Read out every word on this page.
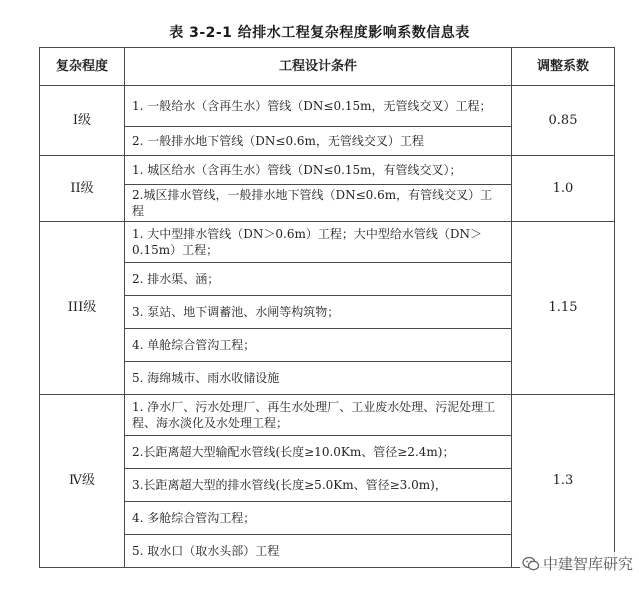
表 3-2-1 给排水工程复杂程度影响系数信息表
复杂程度	工程设计条件	调整系数
I级	1. 一般给水（含再生水）管线（DN≤0.15m，无管线交叉）工程；	0.85
	2. 一般排水地下管线（DN≤0.6m，无管线交叉）工程	
II级	1. 城区给水（含再生水）管线（DN≤0.15m，有管线交叉）；	1.0
	2.城区排水管线，一般排水地下管线（DN≤0.6m，有管线交叉）工程	
III级	1. 大中型排水管线（DN＞0.6m）工程；大中型给水管线（DN＞0.15m）工程；	1.15
	2. 排水渠、涵；	
	3. 泵站、地下调蓄池、水闸等构筑物；	
	4. 单舱综合管沟工程；	
	5. 海绵城市、雨水收储设施	
Ⅳ级	1. 净水厂、污水处理厂、再生水处理厂、工业废水处理、污泥处理工程、海水淡化及水处理工程；	1.3
	2.长距离超大型输配水管线(长度≥10.0Km、管径≥2.4m)；	
	3.长距离超大型的排水管线(长度≥5.0Km、管径≥3.0m)，	
	4. 多舱综合管沟工程；	
	5. 取水口（取水头部）工程	
中建智库研究
